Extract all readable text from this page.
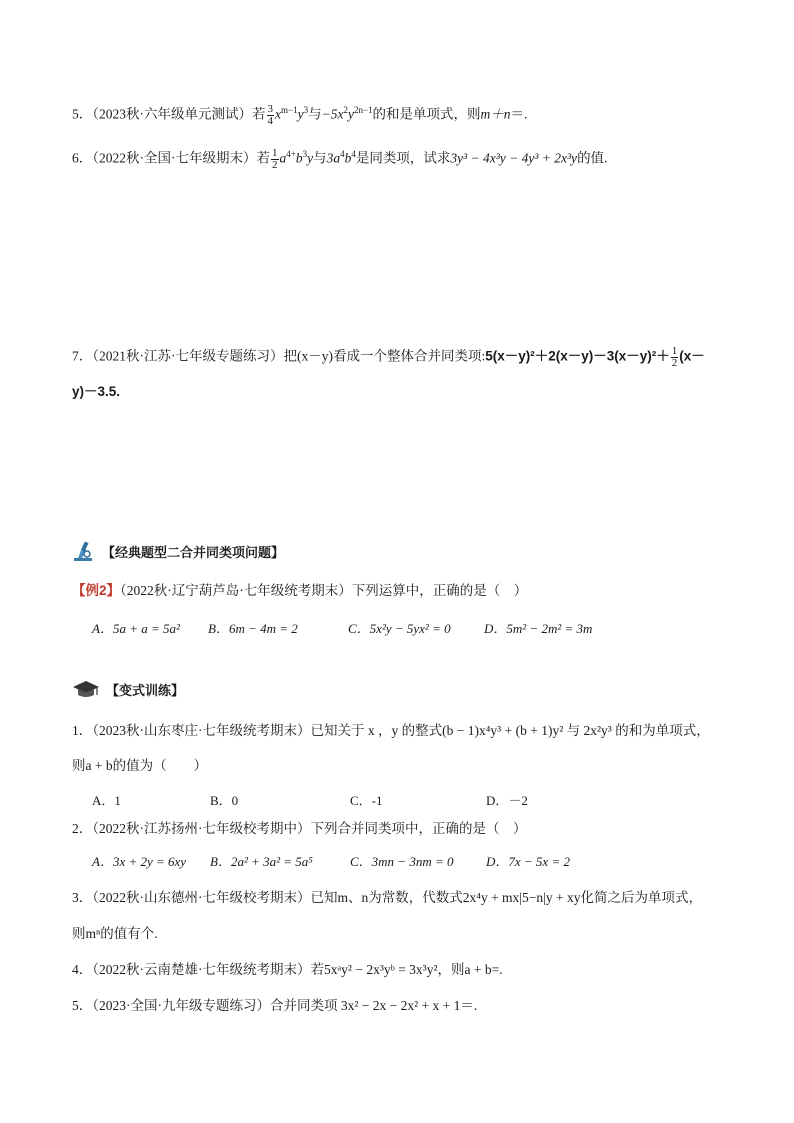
5．（2023秋·六年级单元测试）若 $\frac{3}{4} x^{m-1}y^3$与$-5x^2y^{2n-1}$的和是单项式，则m＋n＝.
6．（2022秋·全国·七年级期末）若 $\frac{1}{2} a^{4+}b^3y$与$3a^4b^4$是同类项，试求3y³ − 4x³y − 4y³ + 2x³y的值.
7．（2021秋·江苏·七年级专题练习）把(x－y)看成一个整体合并同类项:5(x－y)²＋2(x－y)－3(x－y)²＋ $\frac{1}{2} (x-$
y)－3.5.
【经典题型二合并同类项问题】
【例2】（2022秋·辽宁葫芦岛·七年级统考期末）下列运算中，正确的是（　）
A．5a + a = 5a²	B．6m − 4m = 2	C．5x²y − 5yx² = 0	D．5m² − 2m² = 3m
【变式训练】
1．（2023秋·山东枣庄·七年级统考期末）已知关于 x ，y 的整式(b − 1)x⁴y³ + (b + 1)y² 与 2x²y³ 的和为单项式，
则a + b的值为（　　）
A．1	B．0	C．-1	D．－2
2．（2022秋·江苏扬州·七年级校考期中）下列合并同类项中，正确的是（　）
A．3x + 2y = 6xy	B．2a² + 3a² = 5a⁵	C．3mn − 3nm = 0	D．7x − 5x = 2
3．（2022秋·山东德州·七年级校考期末）已知m、n为常数，代数式2x⁴y + mx|5−n|y + xy化简之后为单项式，
则mⁿ的值有个.
4．（2022秋·云南楚雄·七年级统考期末）若5xᵃy² − 2x³yᵇ = 3x³y²，则a + b=.
5．（2023·全国·九年级专题练习）合并同类项 3x² − 2x − 2x² + x + 1＝.
